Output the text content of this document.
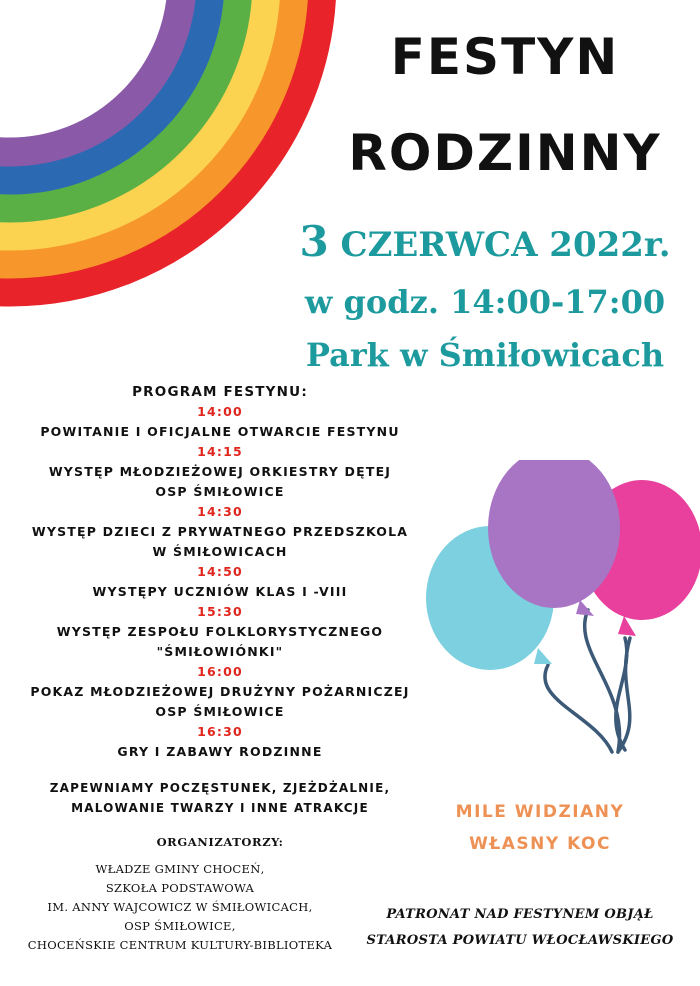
FESTYN
RODZINNY
3 CZERWCA 2022r.
w godz. 14:00-17:00
Park w Śmiłowicach
PROGRAM FESTYNU:
14:00
POWITANIE I OFICJALNE OTWARCIE FESTYNU
14:15
WYSTĘP MŁODZIEŻOWEJ ORKIESTRY DĘTEJ
OSP ŚMIŁOWICE
14:30
WYSTĘP DZIECI Z PRYWATNEGO PRZEDSZKOLA
W ŚMIŁOWICACH
14:50
WYSTĘPY UCZNIÓW KLAS I -VIII
15:30
WYSTĘP ZESPOŁU FOLKLORYSTYCZNEGO
"ŚMIŁOWIÓNKI"
16:00
POKAZ MŁODZIEŻOWEJ DRUŻYNY POŻARNICZEJ
OSP ŚMIŁOWICE
16:30
GRY I ZABAWY RODZINNE
ZAPEWNIAMY POCZĘSTUNEK, ZJEŻDŻALNIE,
MALOWANIE TWARZY I INNE ATRAKCJE
ORGANIZATORZY:
WŁADZE GMINY CHOCEŃ,
SZKOŁA PODSTAWOWA
IM. ANNY WAJCOWICZ W ŚMIŁOWICACH,
OSP ŚMIŁOWICE,
CHOCEŃSKIE CENTRUM KULTURY-BIBLIOTEKA
MILE WIDZIANY
WŁASNY KOC
PATRONAT NAD FESTYNEM OBJĄŁ
STAROSTA POWIATU WŁOCŁAWSKIEGO
